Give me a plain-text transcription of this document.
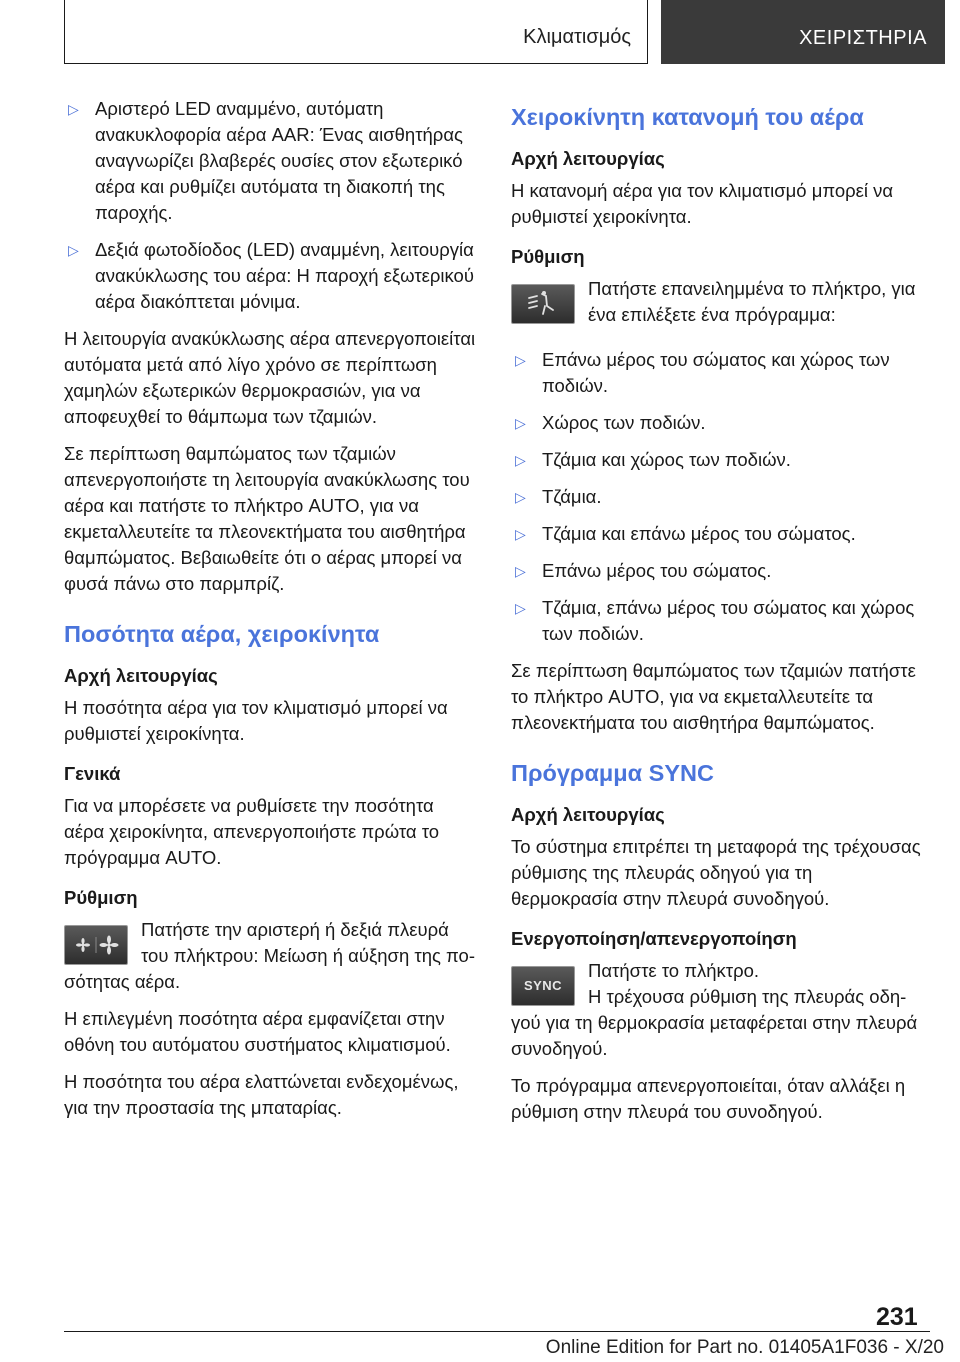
Κλιματισμός	ΧΕΙΡΙΣΤΗΡΙΑ
▷ Αριστερό LED αναμμένο, αυτόματη ανακυκλοφορία αέρα AAR: Ένας αισθητήρας αναγνωρίζει βλαβερές ουσίες στον εξωτερικό αέρα και ρυθμίζει αυτόματα τη διακοπή της παροχής.
▷ Δεξιά φωτοδίοδος (LED) αναμμένη, λειτουργία ανακύκλωσης του αέρα: Η παροχή εξωτερικού αέρα διακόπτεται μόνιμα.

Η λειτουργία ανακύκλωσης αέρα απενεργοποιείται αυτόματα μετά από λίγο χρόνο σε περίπτωση χαμηλών εξωτερικών θερμοκρασιών, για να αποφευχθεί το θάμπωμα των τζαμιών.

Σε περίπτωση θαμπώματος των τζαμιών απενεργοποιήστε τη λειτουργία ανακύκλωσης του αέρα και πατήστε το πλήκτρο AUTO, για να εκμεταλλευτείτε τα πλεονεκτήματα του αισθητήρα θαμπώματος. Βεβαιωθείτε ότι ο αέρας μπορεί να φυσά πάνω στο παρμπρίζ.

Ποσότητα αέρα, χειροκίνητα
Αρχή λειτουργίας

Η ποσότητα αέρα για τον κλιματισμό μπορεί να ρυθμιστεί χειροκίνητα.

Γενικά

Για να μπορέσετε να ρυθμίσετε την ποσότητα αέρα χειροκίνητα, απενεργοποιήστε πρώτα το πρόγραμμα AUTO.

Ρύθμιση
Πατήστε την αριστερή ή δεξιά πλευρά του πλήκτρου: Μείωση ή αύξηση της πο-
σότητας αέρα.

Η επιλεγμένη ποσότητα αέρα εμφανίζεται στην οθόνη του αυτόματου συστήματος κλιματισμού.

Η ποσότητα του αέρα ελαττώνεται ενδεχομένως, για την προστασία της μπαταρίας.

Χειροκίνητη κατανομή του αέρα
Αρχή λειτουργίας

Η κατανομή αέρα για τον κλιματισμό μπορεί να ρυθμιστεί χειροκίνητα.

Ρύθμιση
Πατήστε επανειλημμένα το πλήκτρο, για ένα επιλέξετε ένα πρόγραμμα:
▷ Επάνω μέρος του σώματος και χώρος των ποδιών.
▷ Χώρος των ποδιών.
▷ Τζάμια και χώρος των ποδιών.
▷ Τζάμια.
▷ Τζάμια και επάνω μέρος του σώματος.
▷ Επάνω μέρος του σώματος.
▷ Τζάμια, επάνω μέρος του σώματος και χώρος των ποδιών.

Σε περίπτωση θαμπώματος των τζαμιών πατήστε το πλήκτρο AUTO, για να εκμεταλλευτείτε τα πλεονεκτήματα του αισθητήρα θαμπώματος.

Πρόγραμμα SYNC
Αρχή λειτουργίας

Το σύστημα επιτρέπει τη μεταφορά της τρέχουσας ρύθμισης της πλευράς οδηγού για τη θερμοκρασία στην πλευρά συνοδηγού.

Ενεργοποίηση/απενεργοποίηση
SYNC
Πατήστε το πλήκτρο.
Η τρέχουσα ρύθμιση της πλευράς οδη-
γού για τη θερμοκρασία μεταφέρεται στην πλευρά συνοδηγού.

Το πρόγραμμα απενεργοποιείται, όταν αλλάξει η ρύθμιση στην πλευρά του συνοδηγού.

231
Online Edition for Part no. 01405A1F036 - X/20
